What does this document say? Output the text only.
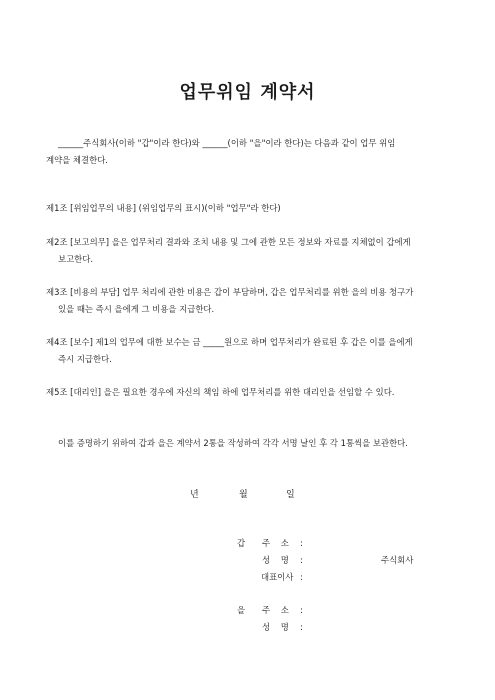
업무위임 계약서
______주식회사(이하 "갑"이라 한다)와 ______(이하 "을"이라 한다)는 다음과 같이 업무 위임
계약을 체결한다.
제1조 [위임업무의 내용] (위임업무의 표시)(이하 "업무"라 한다)
제2조 [보고의무] 을은 업무처리 결과와 조치 내용 및 그에 관한 모든 정보와 자료를 지체없이 갑에게
보고한다.
제3조 [비용의 부담] 업무 처리에 관한 비용은 갑이 부담하며, 갑은 업무처리를 위한 을의 비용 청구가
있을 때는 즉시 을에게 그 비용을 지급한다.
제4조 [보수] 제1의 업무에 대한 보수는 금 _____원으로 하며 업무처리가 완료된 후 갑은 이를 을에게
즉시 지급한다.
제5조 [대리인] 을은 필요한 경우에 자신의 책임 하에 업무처리를 위한 대리인을 선임할 수 있다.
이를 증명하기 위하여 갑과 을은 계약서 2통을 작성하여 각각 서명 날인 후 각 1통씩을 보관한다.
년	월	일
갑 주 소 :
성 명 :	주식회사
대표이사 :
을 주 소 :
성 명 :
